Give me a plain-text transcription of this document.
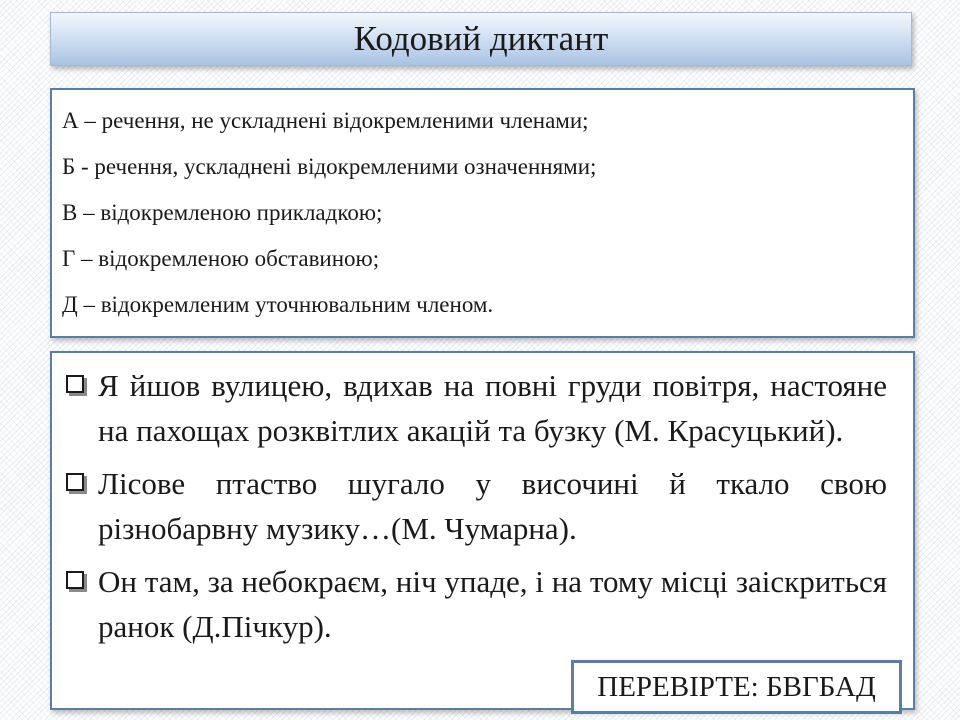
Кодовий диктант
А – речення, не ускладнені відокремленими членами;
Б - речення, ускладнені відокремленими означеннями;
В – відокремленою прикладкою;
Г – відокремленою обставиною;
Д – відокремленим уточнювальним членом.
Я йшов вулицею, вдихав на повні груди повітря, настояне на пахощах розквітлих акацій та бузку (М. Красуцький).
Лісове птаство шугало у височині й ткало свою різнобарвну музику…(М. Чумарна).
Он там, за небокраєм, ніч упаде, і на тому місці заіскриться ранок (Д.Пічкур).
ПЕРЕВІРТЕ: БВГБАД
